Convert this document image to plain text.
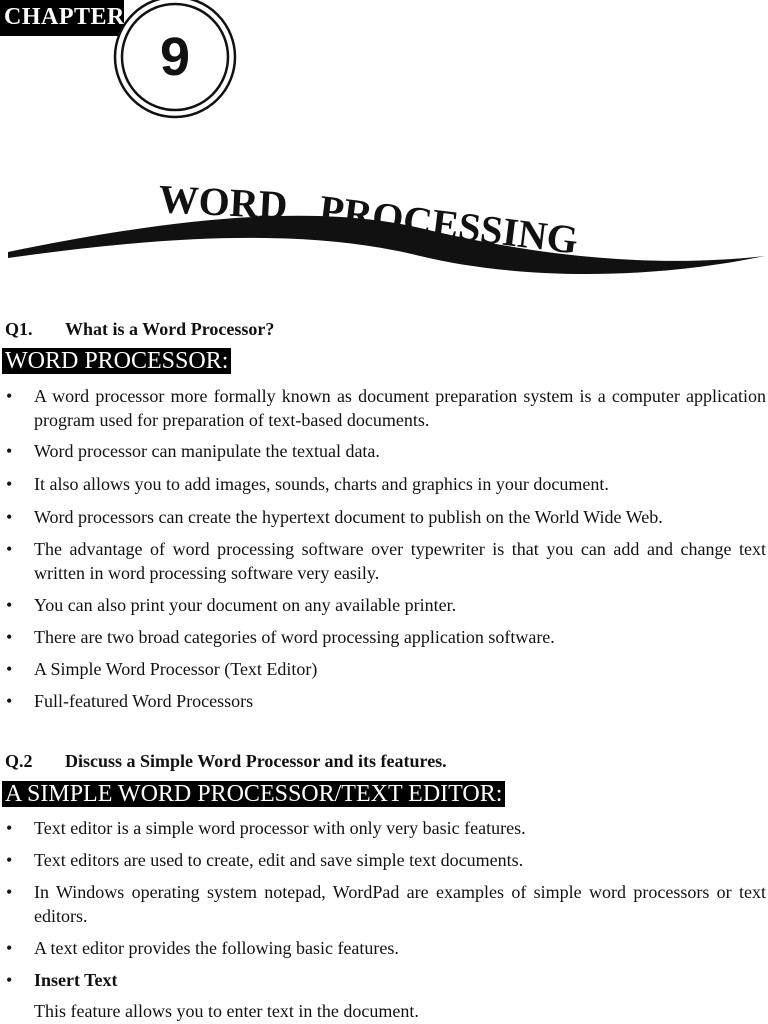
CHAPTER
9
WORD PROCESSING
Q1. What is a Word Processor?
WORD PROCESSOR:
• A word processor more formally known as document preparation system is a computer application program used for preparation of text-based documents.
• Word processor can manipulate the textual data.
• It also allows you to add images, sounds, charts and graphics in your document.
• Word processors can create the hypertext document to publish on the World Wide Web.
• The advantage of word processing software over typewriter is that you can add and change text written in word processing software very easily.
• You can also print your document on any available printer.
• There are two broad categories of word processing application software.
• A Simple Word Processor (Text Editor)
• Full-featured Word Processors
Q.2 Discuss a Simple Word Processor and its features.
A SIMPLE WORD PROCESSOR/TEXT EDITOR:
• Text editor is a simple word processor with only very basic features.
• Text editors are used to create, edit and save simple text documents.
• In Windows operating system notepad, WordPad are examples of simple word processors or text editors.
• A text editor provides the following basic features.
• Insert Text
This feature allows you to enter text in the document.
